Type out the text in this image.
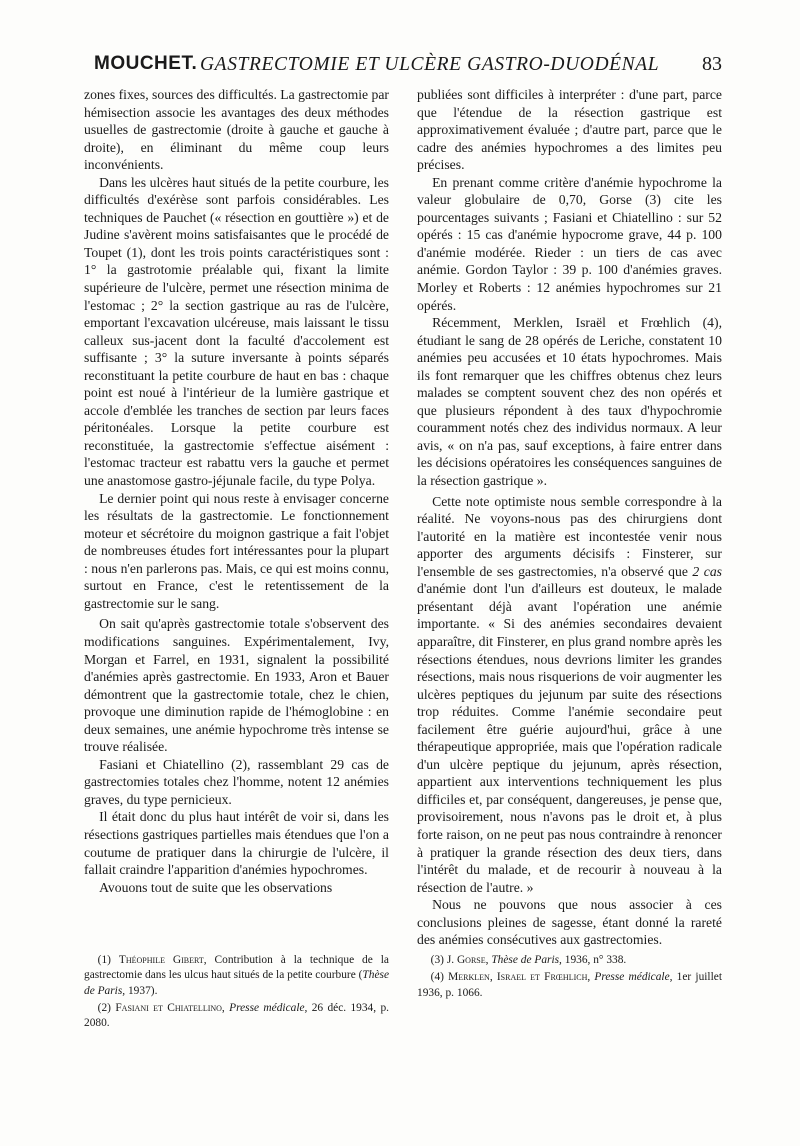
MOUCHET. GASTRECTOMIE ET ULCÈRE GASTRO-DUODÉNAL 83

zones fixes, sources des difficultés. La gastrectomie par hémisection associe les avantages des deux méthodes usuelles de gastrectomie (droite à gauche et gauche à droite), en éliminant du même coup leurs inconvénients.

Dans les ulcères haut situés de la petite courbure, les difficultés d'exérèse sont parfois considérables. Les techniques de Pauchet (« résection en gouttière ») et de Judine s'avèrent moins satisfaisantes que le procédé de Toupet (1), dont les trois points caractéristiques sont : 1° la gastrotomie préalable qui, fixant la limite supérieure de l'ulcère, permet une résection minima de l'estomac ; 2° la section gastrique au ras de l'ulcère, emportant l'excavation ulcéreuse, mais laissant le tissu calleux sus-jacent dont la faculté d'accolement est suffisante ; 3° la suture inversante à points séparés reconstituant la petite courbure de haut en bas : chaque point est noué à l'intérieur de la lumière gastrique et accole d'emblée les tranches de section par leurs faces péritonéales. Lorsque la petite courbure est reconstituée, la gastrectomie s'effectue aisément : l'estomac tracteur est rabattu vers la gauche et permet une anastomose gastro-jéjunale facile, du type Polya.

Le dernier point qui nous reste à envisager concerne les résultats de la gastrectomie. Le fonctionnement moteur et sécrétoire du moignon gastrique a fait l'objet de nombreuses études fort intéressantes pour la plupart : nous n'en parlerons pas. Mais, ce qui est moins connu, surtout en France, c'est le retentissement de la gastrectomie sur le sang.

On sait qu'après gastrectomie totale s'observent des modifications sanguines. Expérimentalement, Ivy, Morgan et Farrel, en 1931, signalent la possibilité d'anémies après gastrectomie. En 1933, Aron et Bauer démontrent que la gastrectomie totale, chez le chien, provoque une diminution rapide de l'hémoglobine : en deux semaines, une anémie hypochrome très intense se trouve réalisée.

Fasiani et Chiatellino (2), rassemblant 29 cas de gastrectomies totales chez l'homme, notent 12 anémies graves, du type pernicieux.

Il était donc du plus haut intérêt de voir si, dans les résections gastriques partielles mais étendues que l'on a coutume de pratiquer dans la chirurgie de l'ulcère, il fallait craindre l'apparition d'anémies hypochromes.

Avouons tout de suite que les observations

publiées sont difficiles à interpréter : d'une part, parce que l'étendue de la résection gastrique est approximativement évaluée ; d'autre part, parce que le cadre des anémies hypochromes a des limites peu précises.

En prenant comme critère d'anémie hypochrome la valeur globulaire de 0,70, Gorse (3) cite les pourcentages suivants ; Fasiani et Chiatellino : sur 52 opérés : 15 cas d'anémie hypocrome grave, 44 p. 100 d'anémie modérée. Rieder : un tiers de cas avec anémie. Gordon Taylor : 39 p. 100 d'anémies graves. Morley et Roberts : 12 anémies hypochromes sur 21 opérés.

Récemment, Merklen, Israël et Frœhlich (4), étudiant le sang de 28 opérés de Leriche, constatent 10 anémies peu accusées et 10 états hypochromes. Mais ils font remarquer que les chiffres obtenus chez leurs malades se comptent souvent chez des non opérés et que plusieurs répondent à des taux d'hypochromie couramment notés chez des individus normaux. A leur avis, « on n'a pas, sauf exceptions, à faire entrer dans les décisions opératoires les conséquences sanguines de la résection gastrique ».

Cette note optimiste nous semble correspondre à la réalité. Ne voyons-nous pas des chirurgiens dont l'autorité en la matière est incontestée venir nous apporter des arguments décisifs : Finsterer, sur l'ensemble de ses gastrectomies, n'a observé que 2 cas d'anémie dont l'un d'ailleurs est douteux, le malade présentant déjà avant l'opération une anémie importante. « Si des anémies secondaires devaient apparaître, dit Finsterer, en plus grand nombre après les résections étendues, nous devrions limiter les grandes résections, mais nous risquerions de voir augmenter les ulcères peptiques du jejunum par suite des résections trop réduites. Comme l'anémie secondaire peut facilement être guérie aujourd'hui, grâce à une thérapeutique appropriée, mais que l'opération radicale d'un ulcère peptique du jejunum, après résection, appartient aux interventions techniquement les plus difficiles et, par conséquent, dangereuses, je pense que, provisoirement, nous n'avons pas le droit et, à plus forte raison, on ne peut pas nous contraindre à renoncer à pratiquer la grande résection des deux tiers, dans l'intérêt du malade, et de recourir à nouveau à la résection de l'autre. »

Nous ne pouvons que nous associer à ces conclusions pleines de sagesse, étant donné la rareté des anémies consécutives aux gastrectomies.

(1) Théophile Gibert, Contribution à la technique de la gastrectomie dans les ulcus haut situés de la petite courbure (Thèse de Paris, 1937).

(2) Fasiani et Chiatellino, Presse médicale, 26 déc. 1934, p. 2080.

(3) J. Gorse, Thèse de Paris, 1936, n° 338.

(4) Merklen, Israel et Frœhlich, Presse médicale, 1er juillet 1936, p. 1066.
